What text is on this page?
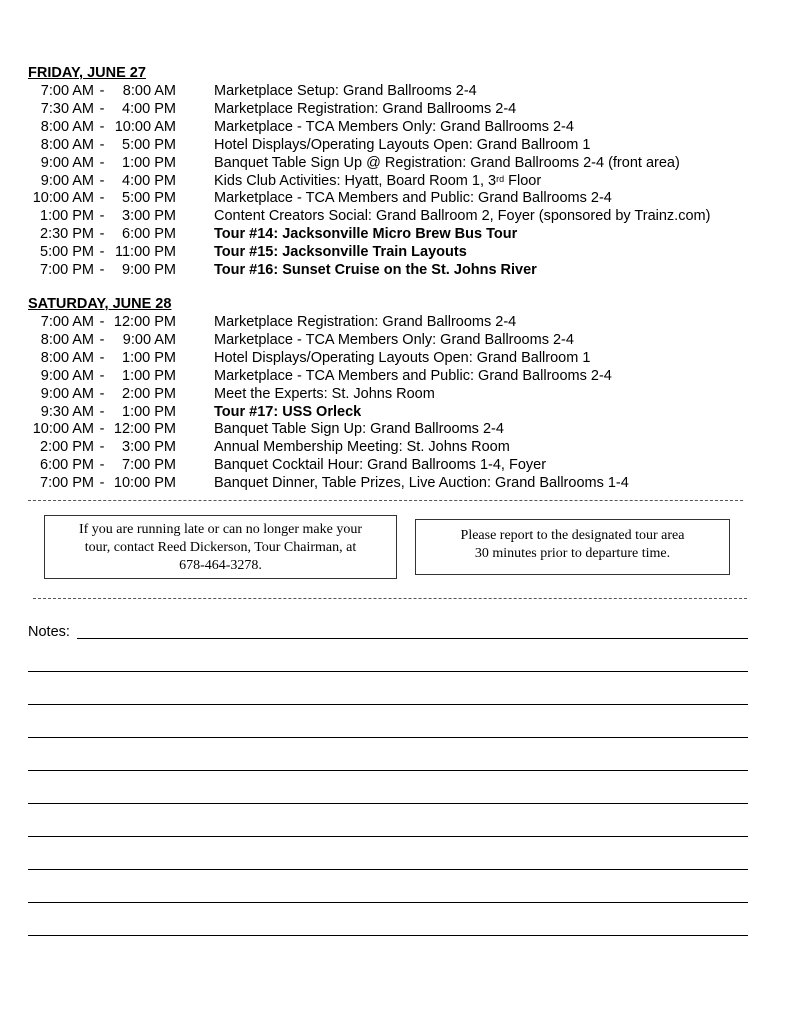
FRIDAY, JUNE 27
7:00 AM - 8:00 AM	Marketplace Setup: Grand Ballrooms 2-4
7:30 AM - 4:00 PM	Marketplace Registration: Grand Ballrooms 2-4
8:00 AM - 10:00 AM	Marketplace - TCA Members Only: Grand Ballrooms 2-4
8:00 AM - 5:00 PM	Hotel Displays/Operating Layouts Open: Grand Ballroom 1
9:00 AM - 1:00 PM	Banquet Table Sign Up @ Registration: Grand Ballrooms 2-4 (front area)
9:00 AM - 4:00 PM	Kids Club Activities: Hyatt, Board Room 1, 3rd Floor
10:00 AM - 5:00 PM	Marketplace - TCA Members and Public: Grand Ballrooms 2-4
1:00 PM - 3:00 PM	Content Creators Social: Grand Ballroom 2, Foyer (sponsored by Trainz.com)
2:30 PM - 6:00 PM	Tour #14: Jacksonville Micro Brew Bus Tour
5:00 PM - 11:00 PM	Tour #15: Jacksonville Train Layouts
7:00 PM - 9:00 PM	Tour #16: Sunset Cruise on the St. Johns River
SATURDAY, JUNE 28
7:00 AM - 12:00 PM	Marketplace Registration: Grand Ballrooms 2-4
8:00 AM - 9:00 AM	Marketplace - TCA Members Only: Grand Ballrooms 2-4
8:00 AM - 1:00 PM	Hotel Displays/Operating Layouts Open: Grand Ballroom 1
9:00 AM - 1:00 PM	Marketplace - TCA Members and Public: Grand Ballrooms 2-4
9:00 AM - 2:00 PM	Meet the Experts: St. Johns Room
9:30 AM - 1:00 PM	Tour #17: USS Orleck
10:00 AM - 12:00 PM	Banquet Table Sign Up: Grand Ballrooms 2-4
2:00 PM - 3:00 PM	Annual Membership Meeting: St. Johns Room
6:00 PM - 7:00 PM	Banquet Cocktail Hour: Grand Ballrooms 1-4, Foyer
7:00 PM - 10:00 PM	Banquet Dinner, Table Prizes, Live Auction: Grand Ballrooms 1-4
If you are running late or can no longer make your
tour, contact Reed Dickerson, Tour Chairman, at
678-464-3278.
Please report to the designated tour area
30 minutes prior to departure time.
Notes:
